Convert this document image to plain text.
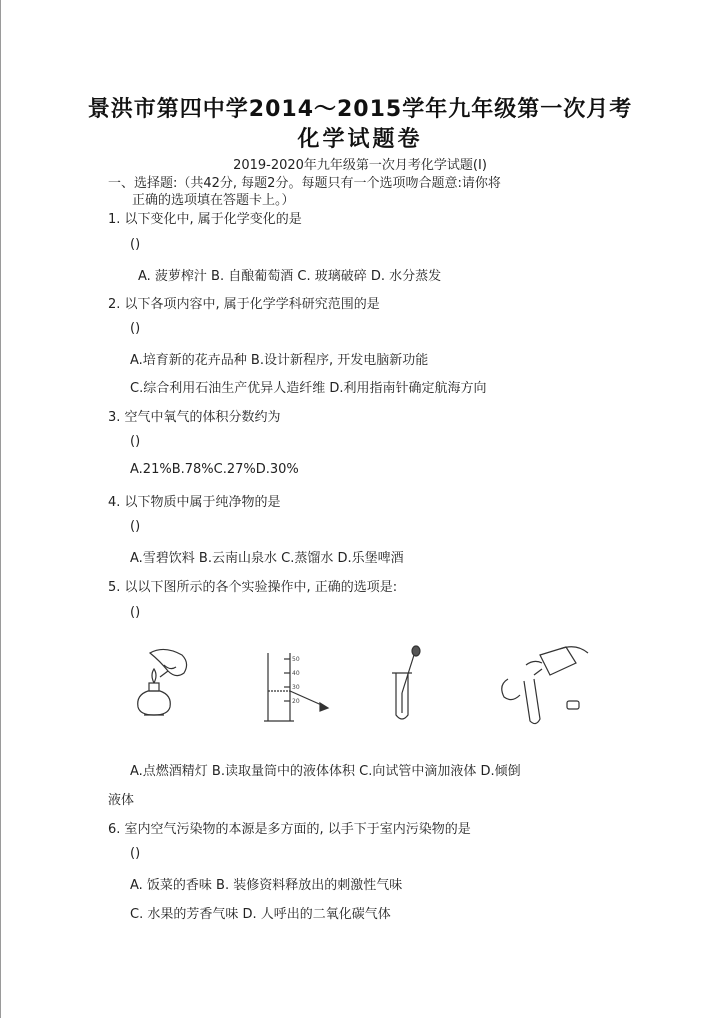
景洪市第四中学2014～2015学年九年级第一次月考
化学试题卷
2019-2020年九年级第一次月考化学试题(I)
一、选择题:（共42分, 每题2分。每题只有一个选项吻合题意:请你将
正确的选项填在答题卡上。）
1. 以下变化中, 属于化学变化的是
()
A. 菠萝榨汁 B. 自酿葡萄酒 C. 玻璃破碎 D. 水分蒸发
2. 以下各项内容中, 属于化学学科研究范围的是
()
A.培育新的花卉品种 B.设计新程序, 开发电脑新功能
C.综合利用石油生产优异人造纤维 D.利用指南针确定航海方向
3. 空气中氧气的体积分数约为
()
A.21%B.78%C.27%D.30%
4. 以下物质中属于纯净物的是
()
A.雪碧饮料 B.云南山泉水 C.蒸馏水 D.乐堡啤酒
5. 以以下图所示的各个实验操作中, 正确的选项是:
()
50
40
30
20
A.点燃酒精灯 B.读取量筒中的液体体积 C.向试管中滴加液体 D.倾倒
液体
6. 室内空气污染物的本源是多方面的, 以手下于室内污染物的是
()
A. 饭菜的香味 B. 装修资料释放出的刺激性气味
C. 水果的芳香气味 D. 人呼出的二氧化碳气体
